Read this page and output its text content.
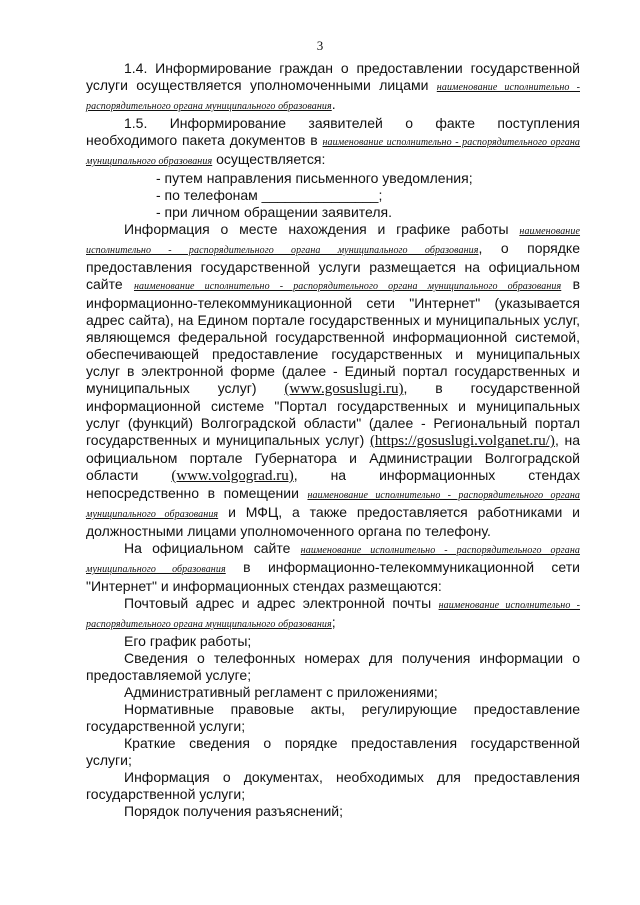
3

1.4. Информирование граждан о предоставлении государственной услуги осуществляется уполномоченными лицами наименование исполнительно - распорядительного органа муниципального образования.

1.5. Информирование заявителей о факте поступления необходимого пакета документов в наименование исполнительно - распорядительного органа муниципального образования осуществляется:

- путем направления письменного уведомления;

- по телефонам _______________;

- при личном обращении заявителя.

Информация о месте нахождения и графике работы наименование исполнительно - распорядительного органа муниципального образования, о порядке предоставления государственной услуги размещается на официальном сайте наименование исполнительно - распорядительного органа муниципального образования в информационно-телекоммуникационной сети "Интернет" (указывается адрес сайта), на Едином портале государственных и муниципальных услуг, являющемся федеральной государственной информационной системой, обеспечивающей предоставление государственных и муниципальных услуг в электронной форме (далее - Единый портал государственных и муниципальных услуг) (www.gosuslugi.ru), в государственной информационной системе "Портал государственных и муниципальных услуг (функций) Волгоградской области" (далее - Региональный портал государственных и муниципальных услуг) (https://gosuslugi.volganet.ru/), на официальном портале Губернатора и Администрации Волгоградской области (www.volgograd.ru), на информационных стендах непосредственно в помещении наименование исполнительно - распорядительного органа муниципального образования и МФЦ, а также предоставляется работниками и должностными лицами уполномоченного органа по телефону.

На официальном сайте наименование исполнительно - распорядительного органа муниципального образования в информационно-телекоммуникационной сети "Интернет" и информационных стендах размещаются:

Почтовый адрес и адрес электронной почты наименование исполнительно - распорядительного органа муниципального образования;

Его график работы;

Сведения о телефонных номерах для получения информации о предоставляемой услуге;

Административный регламент с приложениями;

Нормативные правовые акты, регулирующие предоставление государственной услуги;

Краткие сведения о порядке предоставления государственной услуги;

Информация о документах, необходимых для предоставления государственной услуги;

Порядок получения разъяснений;
